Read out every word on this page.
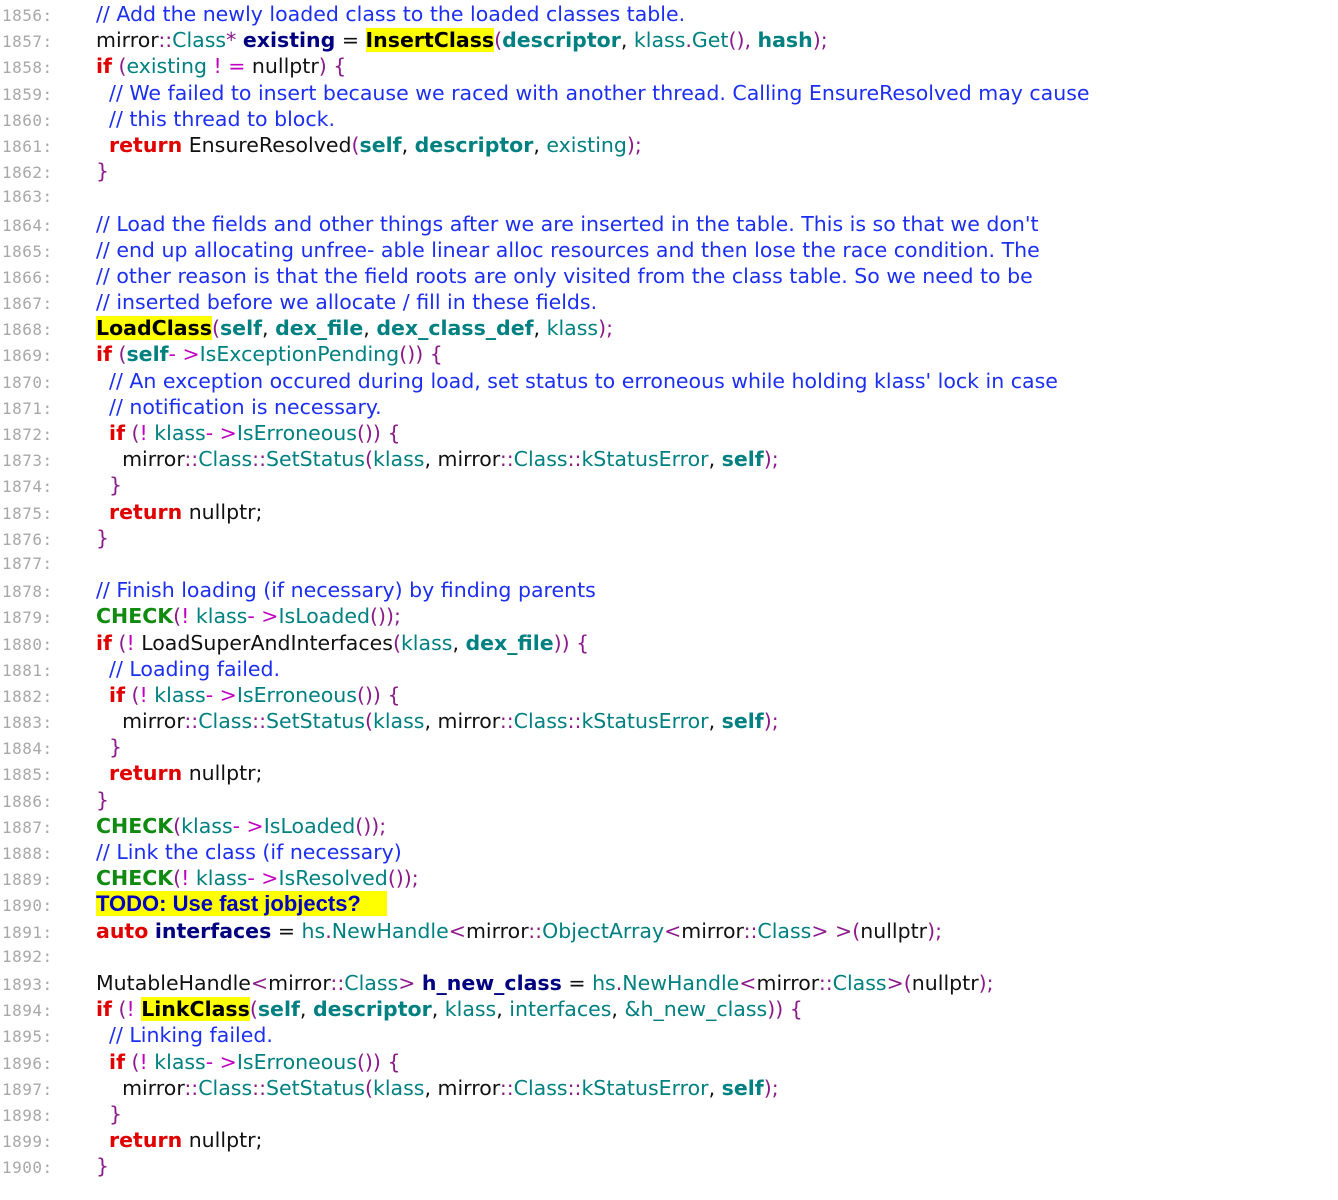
1856: // Add the newly loaded class to the loaded classes table.
1857: mirror::Class* existing = InsertClass(descriptor, klass.Get(), hash);
1858: if (existing ! = nullptr) {
1859:  // We failed to insert because we raced with another thread. Calling EnsureResolved may cause
1860:  // this thread to block.
1861:	return EnsureResolved(self, descriptor, existing);
1862: }
1863:
1864: // Load the fields and other things after we are inserted in the table. This is so that we don't
1865: // end up allocating unfree- able linear alloc resources and then lose the race condition. The
1866: // other reason is that the field roots are only visited from the class table. So we need to be
1867: // inserted before we allocate / fill in these fields.
1868: LoadClass(self, dex_file, dex_class_def, klass);
1869: if (self- >IsExceptionPending()) {
1870:  // An exception occured during load, set status to erroneous while holding klass' lock in case
1871:  // notification is necessary.
1872:	if (! klass- >IsErroneous()) {
1873:    mirror::Class::SetStatus(klass, mirror::Class::kStatusError, self);
1874:  }
1875:	return nullptr;
1876: }
1877:
1878: // Finish loading (if necessary) by finding parents
1879: CHECK(! klass- >IsLoaded());
1880: if (! LoadSuperAndInterfaces(klass, dex_file)) {
1881:  // Loading failed.
1882:	if (! klass- >IsErroneous()) {
1883:    mirror::Class::SetStatus(klass, mirror::Class::kStatusError, self);
1884:  }
1885:	return nullptr;
1886: }
1887: CHECK(klass- >IsLoaded());
1888: // Link the class (if necessary)
1889: CHECK(! klass- >IsResolved());
1890: TODO: Use fast jobjects?
1891: auto interfaces = hs.NewHandle<mirror::ObjectArray<mirror::Class> >(nullptr);
1892:
1893: MutableHandle<mirror::Class> h_new_class = hs.NewHandle<mirror::Class>(nullptr);
1894: if (! LinkClass(self, descriptor, klass, interfaces, &h_new_class)) {
1895:  // Linking failed.
1896:	if (! klass- >IsErroneous()) {
1897:    mirror::Class::SetStatus(klass, mirror::Class::kStatusError, self);
1898:  }
1899:	return nullptr;
1900: }
